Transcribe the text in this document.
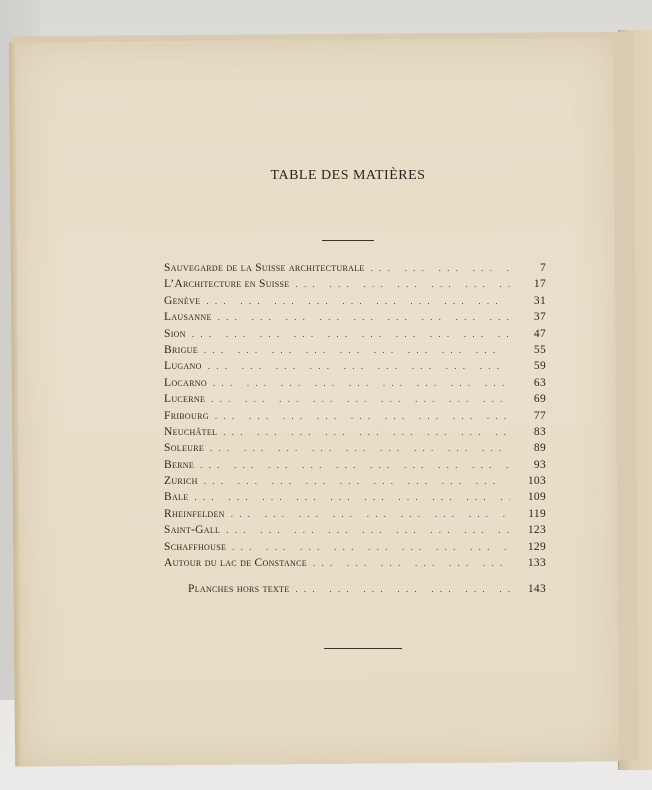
TABLE DES MATIÈRES
Sauvegarde de la Suisse architecturale . . .	7
L’Architecture en Suisse . . .	17
Genève . . .	31
Lausanne . . .	37
Sion . . .	47
Brigue . . .	55
Lugano . . .	59
Locarno . . .	63
Lucerne . . .	69
Fribourg . . .	77
Neuchâtel . . .	83
Soleure . . .	89
Berne . . .	93
Zurich . . .	103
Bale . . .	109
Rheinfelden . . .	119
Saint-Gall . . .	123
Schaffhouse . . .	129
Autour du lac de Constance . . .	133
Planches hors texte . . .	143
